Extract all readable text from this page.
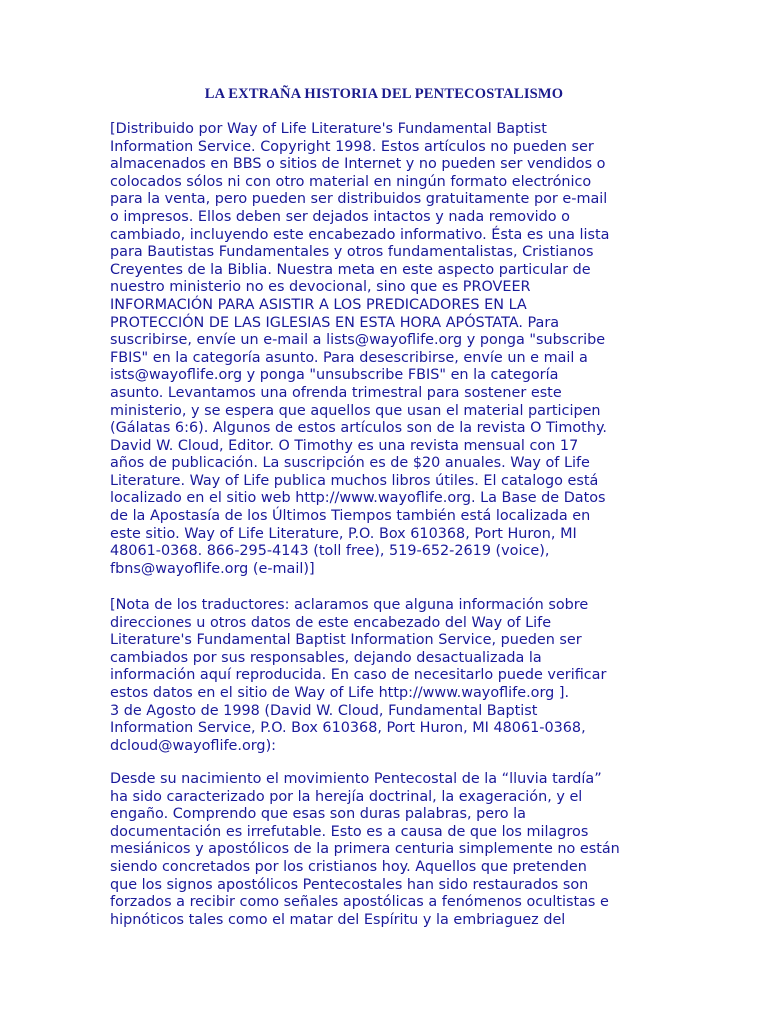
LA EXTRAÑA HISTORIA DEL PENTECOSTALISMO
[Distribuido por Way of Life Literature's Fundamental Baptist
Information Service. Copyright 1998. Estos artículos no pueden ser
almacenados en BBS o sitios de Internet y no pueden ser vendidos o
colocados sólos ni con otro material en ningún formato electrónico
para la venta, pero pueden ser distribuidos gratuitamente por e-mail
o impresos. Ellos deben ser dejados intactos y nada removido o
cambiado, incluyendo este encabezado informativo. Ésta es una lista
para Bautistas Fundamentales y otros fundamentalistas, Cristianos
Creyentes de la Biblia. Nuestra meta en este aspecto particular de
nuestro ministerio no es devocional, sino que es PROVEER
INFORMACIÓN PARA ASISTIR A LOS PREDICADORES EN LA
PROTECCIÓN DE LAS IGLESIAS EN ESTA HORA APÓSTATA. Para
suscribirse, envíe un e-mail a lists@wayoflife.org y ponga "subscribe
FBIS" en la categoría asunto. Para desescribirse, envíe un e mail a
ists@wayoflife.org y ponga "unsubscribe FBIS" en la categoría
asunto. Levantamos una ofrenda trimestral para sostener este
ministerio, y se espera que aquellos que usan el material participen
(Gálatas 6:6). Algunos de estos artículos son de la revista O Timothy.
David W. Cloud, Editor. O Timothy es una revista mensual con 17
años de publicación. La suscripción es de $20 anuales. Way of Life
Literature. Way of Life publica muchos libros útiles. El catalogo está
localizado en el sitio web http://www.wayoflife.org. La Base de Datos
de la Apostasía de los Últimos Tiempos también está localizada en
este sitio. Way of Life Literature, P.O. Box 610368, Port Huron, MI
48061-0368. 866-295-4143 (toll free), 519-652-2619 (voice),
fbns@wayoflife.org (e-mail)]
[Nota de los traductores: aclaramos que alguna información sobre
direcciones u otros datos de este encabezado del Way of Life
Literature's Fundamental Baptist Information Service, pueden ser
cambiados por sus responsables, dejando desactualizada la
información aquí reproducida. En caso de necesitarlo puede verificar
estos datos en el sitio de Way of Life http://www.wayoflife.org ].
3 de Agosto de 1998 (David W. Cloud, Fundamental Baptist
Information Service, P.O. Box 610368, Port Huron, MI 48061-0368,
dcloud@wayoflife.org):
Desde su nacimiento el movimiento Pentecostal de la “lluvia tardía”
ha sido caracterizado por la herejía doctrinal, la exageración, y el
engaño. Comprendo que esas son duras palabras, pero la
documentación es irrefutable. Esto es a causa de que los milagros
mesiánicos y apostólicos de la primera centuria simplemente no están
siendo concretados por los cristianos hoy. Aquellos que pretenden
que los signos apostólicos Pentecostales han sido restaurados son
forzados a recibir como señales apostólicas a fenómenos ocultistas e
hipnóticos tales como el matar del Espíritu y la embriaguez del
